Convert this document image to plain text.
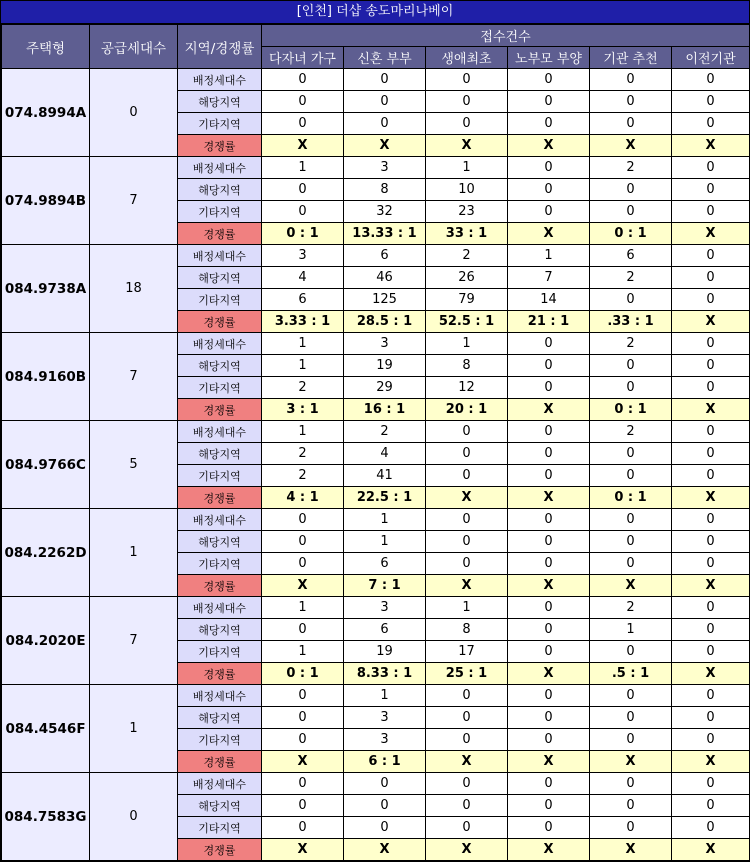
[인천] 더샵 송도마리나베이
주택형	공급세대수	지역/경쟁률	접수건수					
			다자녀 가구	신혼 부부	생애최초	노부모 부양	기관 추천	이전기관
074.8994A	0	배정세대수	0	0	0	0	0	0
		해당지역	0	0	0	0	0	0
		기타지역	0	0	0	0	0	0
		경쟁률	X	X	X	X	X	X
074.9894B	7	배정세대수	1	3	1	0	2	0
		해당지역	0	8	10	0	0	0
		기타지역	0	32	23	0	0	0
		경쟁률	0 : 1	13.33 : 1	33 : 1	X	0 : 1	X
084.9738A	18	배정세대수	3	6	2	1	6	0
		해당지역	4	46	26	7	2	0
		기타지역	6	125	79	14	0	0
		경쟁률	3.33 : 1	28.5 : 1	52.5 : 1	21 : 1	.33 : 1	X
084.9160B	7	배정세대수	1	3	1	0	2	0
		해당지역	1	19	8	0	0	0
		기타지역	2	29	12	0	0	0
		경쟁률	3 : 1	16 : 1	20 : 1	X	0 : 1	X
084.9766C	5	배정세대수	1	2	0	0	2	0
		해당지역	2	4	0	0	0	0
		기타지역	2	41	0	0	0	0
		경쟁률	4 : 1	22.5 : 1	X	X	0 : 1	X
084.2262D	1	배정세대수	0	1	0	0	0	0
		해당지역	0	1	0	0	0	0
		기타지역	0	6	0	0	0	0
		경쟁률	X	7 : 1	X	X	X	X
084.2020E	7	배정세대수	1	3	1	0	2	0
		해당지역	0	6	8	0	1	0
		기타지역	1	19	17	0	0	0
		경쟁률	0 : 1	8.33 : 1	25 : 1	X	.5 : 1	X
084.4546F	1	배정세대수	0	1	0	0	0	0
		해당지역	0	3	0	0	0	0
		기타지역	0	3	0	0	0	0
		경쟁률	X	6 : 1	X	X	X	X
084.7583G	0	배정세대수	0	0	0	0	0	0
		해당지역	0	0	0	0	0	0
		기타지역	0	0	0	0	0	0
		경쟁률	X	X	X	X	X	X
